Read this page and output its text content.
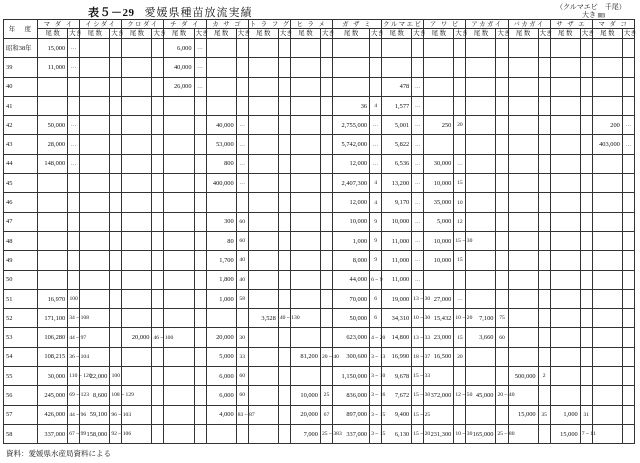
表５－29 愛媛県種苗放流実績	（クルマエビ　千尾）
大き ㎜
年　度	マ ダ イ		イシダイ		クロダイ		チ ダ イ		カ サ ゴ		ト ラ フ グ		ヒ ラ メ		ガ ザ ミ		クルマエビ		ア ワ ビ		アカガイ		バカガイ		サ ザ エ		マ ダ コ	
	尾 数	大き	尾 数	大き	尾 数	大き	尾 数	大き	尾 数	大き	尾 数	大き	尾 数	大き	尾 数	大き	尾 数	大き	尾 数	大き	尾 数	大き	尾 数	大き	尾 数	大き	尾 数	大き
昭和38年	15,000	…					6,000	…																				
39	11,000	…					40,000	…																				
40							26,000	…									478	…										
41															36	4	1,577	…										
42	50,000	…							40,000	…					2,755,000	…	5,001	…	250	20							200	…
43	28,000	…							53,000	…					5,742,000	…	5,822	…									403,000	…
44	148,000	…							800	…					12,000	…	6,536	…	30,000	…								
45									400,000	…					2,407,300	4	13,200	…	10,000	15								
46															12,000	4	9,170	…	35,000	10								
47									300	60					10,000	9	10,000	…	5,000	12								
48									80	60					1,000	9	11,000	…	10,000	15 ~ 30								
49									1,700	40					8,000	9	11,000	…	10,000	15								
50									1,800	40					44,000	6 ~ 9	11,000	…										
51	16,970	100							1,000	58					70,000	6	19,000	13 ~ 30	27,000	…								
52	171,100	34 ~ 108									3,528	40 ~ 130			50,000	6	34,310	10 ~ 30	15,432	10 ~ 20	7,100	75						
53	106,280	44 ~ 97			20,000	46 ~ 100			20,000	30					623,000	4 ~ 20	14,800	13 ~ 33	23,000	15	3,660	60						
54	108,215	36 ~ 104							5,000	33			81,200	20 ~ 40	300,600	3 ~ 13	16,990	18 ~ 37	16,500	20								
55	30,000	110 ~ 120	22,000	100					6,000	60					1,150,000	3 ~ 10	9,678	15 ~ 33					500,000	2				
56	245,000	69 ~ 123	8,600	108 ~ 129					6,000	60			10,000	25	836,000	3 ~ 16	7,672	15 ~ 30	372,000	12 ~ 50	45,000	20 ~ 40						
57	426,000	44 ~ 96	59,100	96 ~ 103					4,000	83 ~ 87			20,000	67	897,000	3 ~ 15	9,400	15 ~ 25					15,000	35	1,000	31		
58	337,000	67 ~ 99	158,000	92 ~ 106									7,000	25 ~ 383	337,000	3 ~ 15	6,130	15 ~ 20	231,300	10 ~ 30	165,000	25 ~ 80			15,000	7 ~ 11		
資料：愛媛県水産局資料による
